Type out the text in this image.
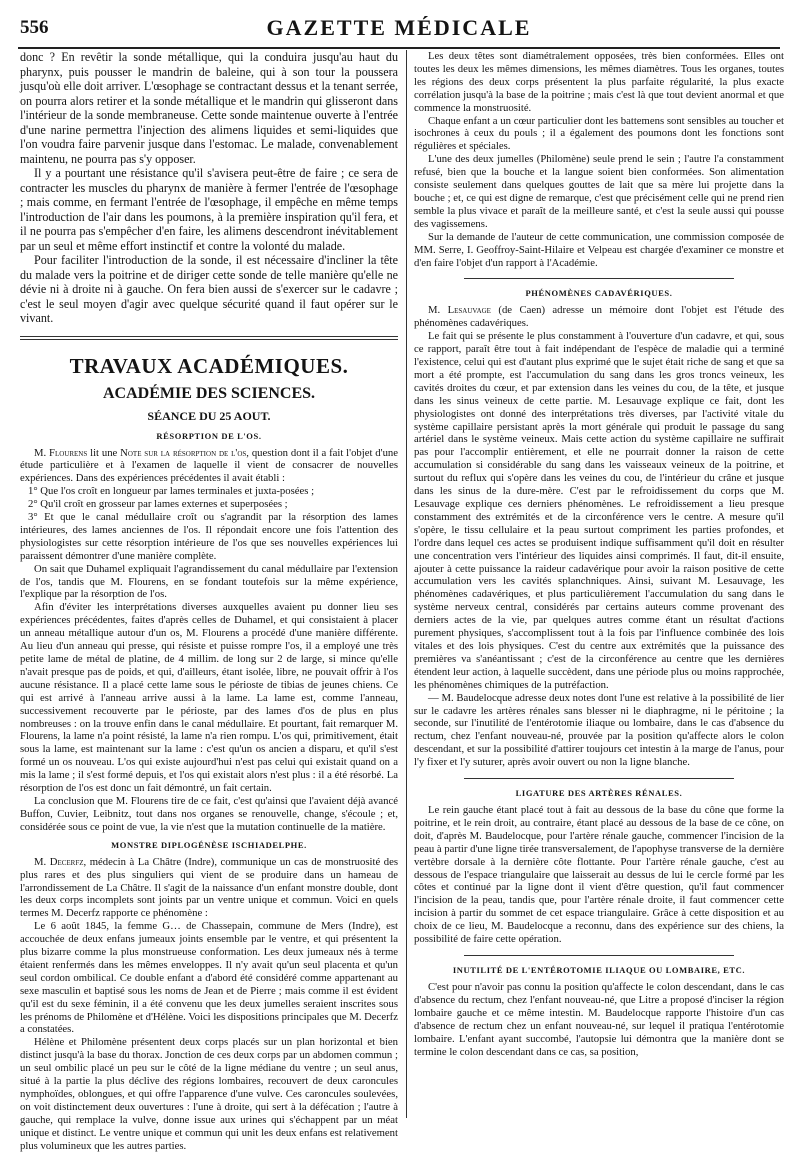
556	GAZETTE MÉDICALE

donc ? En revêtir la sonde métallique, qui la conduira jusqu'au haut du pharynx, puis pousser le mandrin de baleine, qui à son tour la poussera jusqu'où elle doit arriver. L'œsophage se contractant dessus et la tenant serrée, on pourra alors retirer et la sonde métallique et le mandrin qui glisseront dans l'intérieur de la sonde membraneuse. Cette sonde maintenue ouverte à l'entrée d'une narine permettra l'injection des alimens liquides et semi-liquides que l'on voudra faire parvenir jusque dans l'estomac. Le malade, convenablement maintenu, ne pourra pas s'y opposer.

Il y a pourtant une résistance qu'il s'avisera peut-être de faire ; ce sera de contracter les muscles du pharynx de manière à fermer l'entrée de l'œsophage ; mais comme, en fermant l'entrée de l'œsophage, il empêche en même temps l'introduction de l'air dans les poumons, à la première inspiration qu'il fera, et il ne pourra pas s'empêcher d'en faire, les alimens descendront inévitablement par un seul et même effort instinctif et contre la volonté du malade.

Pour faciliter l'introduction de la sonde, il est nécessaire d'incliner la tête du malade vers la poitrine et de diriger cette sonde de telle manière qu'elle ne dévie ni à droite ni à gauche. On fera bien aussi de s'exercer sur le cadavre ; c'est le seul moyen d'agir avec quelque sécurité quand il faut opérer sur le vivant.

TRAVAUX ACADÉMIQUES.
ACADÉMIE DES SCIENCES.
SÉANCE DU 25 AOUT.
RÉSORPTION DE L'OS.

M. Flourens lit une Note sur la résorption de l'os, question dont il a fait l'objet d'une étude particulière et à l'examen de laquelle il vient de consacrer de nouvelles expériences. Dans des expériences précédentes il avait établi :

1° Que l'os croît en longueur par lames terminales et juxta-posées ;

2° Qu'il croît en grosseur par lames externes et superposées ;

3° Et que le canal médullaire croît ou s'agrandit par la résorption des lames intérieures, des lames anciennes de l'os. Il répondait encore une fois l'attention des physiologistes sur cette résorption intérieure de l'os que ses nouvelles expériences lui paraissent démontrer d'une manière complète.

On sait que Duhamel expliquait l'agrandissement du canal médullaire par l'extension de l'os, tandis que M. Flourens, en se fondant toutefois sur la même expérience, l'explique par la résorption de l'os.

Afin d'éviter les interprétations diverses auxquelles avaient pu donner lieu ses expériences précédentes, faites d'après celles de Duhamel, et qui consistaient à placer un anneau métallique autour d'un os, M. Flourens a procédé d'une manière différente. Au lieu d'un anneau qui presse, qui résiste et puisse rompre l'os, il a employé une très petite lame de métal de platine, de 4 millim. de long sur 2 de large, si mince qu'elle n'avait presque pas de poids, et qui, d'ailleurs, étant isolée, libre, ne pouvait offrir à l'os aucune résistance. Il a placé cette lame sous le périoste de tibias de jeunes chiens. Ce qui est arrivé à l'anneau arrive aussi à la lame. La lame est, comme l'anneau, successivement recouverte par le périoste, par des lames d'os de plus en plus nombreuses : on la trouve enfin dans le canal médullaire. Et pourtant, fait remarquer M. Flourens, la lame n'a point résisté, la lame n'a rien rompu. L'os qui, primitivement, était sous la lame, est maintenant sur la lame : c'est qu'un os ancien a disparu, et qu'il s'est formé un os nouveau. L'os qui existe aujourd'hui n'est pas celui qui existait quand on a mis la lame ; il s'est formé depuis, et l'os qui existait alors n'est plus : il a été résorbé. La résorption de l'os est donc un fait démontré, un fait certain.

La conclusion que M. Flourens tire de ce fait, c'est qu'ainsi que l'avaient déjà avancé Buffon, Cuvier, Leibnitz, tout dans nos organes se renouvelle, change, s'écoule ; et, considérée sous ce point de vue, la vie n'est que la mutation continuelle de la matière.

MONSTRE DIPLOGÉNÈSE ISCHIADELPHE.

M. Decerfz, médecin à La Châtre (Indre), communique un cas de monstruosité des plus rares et des plus singuliers qui vient de se produire dans un hameau de l'arrondissement de La Châtre. Il s'agit de la naissance d'un enfant monstre double, dont les deux corps incomplets sont joints par un ventre unique et commun. Voici en quels termes M. Decerfz rapporte ce phénomène :

Le 6 août 1845, la femme G… de Chassepain, commune de Mers (Indre), est accouchée de deux enfans jumeaux joints ensemble par le ventre, et qui présentent la plus bizarre comme la plus monstrueuse conformation. Les deux jumeaux nés à terme étaient renfermés dans les mêmes enveloppes. Il n'y avait qu'un seul placenta et qu'un seul cordon ombilical. Ce double enfant a d'abord été considéré comme appartenant au sexe masculin et baptisé sous les noms de Jean et de Pierre ; mais comme il est évident qu'il est du sexe féminin, il a été convenu que les deux jumelles seraient inscrites sous les prénoms de Philomène et d'Hélène. Voici les dispositions principales que M. Decerfz a constatées.

Hélène et Philomène présentent deux corps placés sur un plan horizontal et bien distinct jusqu'à la base du thorax. Jonction de ces deux corps par un abdomen commun ; un seul ombilic placé un peu sur le côté de la ligne médiane du ventre ; un seul anus, situé à la partie la plus déclive des régions lombaires, recouvert de deux caroncules nymphoïdes, oblongues, et qui offre l'apparence d'une vulve. Ces caroncules soulevées, on voit distinctement deux ouvertures : l'une à droite, qui sert à la défécation ; l'autre à gauche, qui remplace la vulve, donne issue aux urines qui s'échappent par un méat unique et distinct. Le ventre unique et commun qui unit les deux enfans est relativement plus volumineux que les autres parties.

Les deux têtes sont diamétralement opposées, très bien conformées. Elles ont toutes les deux les mêmes dimensions, les mêmes diamètres. Tous les organes, toutes les régions des deux corps présentent la plus parfaite régularité, la plus exacte corrélation jusqu'à la base de la poitrine ; mais c'est là que tout devient anormal et que commence la monstruosité.

Chaque enfant a un cœur particulier dont les battemens sont sensibles au toucher et isochrones à ceux du pouls ; il a également des poumons dont les fonctions sont régulières et spéciales.

L'une des deux jumelles (Philomène) seule prend le sein ; l'autre l'a constamment refusé, bien que la bouche et la langue soient bien conformées. Son alimentation consiste seulement dans quelques gouttes de lait que sa mère lui projette dans la bouche ; et, ce qui est digne de remarque, c'est que précisément celle qui ne prend rien semble la plus vivace et paraît de la meilleure santé, et c'est la seule aussi qui pousse des vagissemens.

Sur la demande de l'auteur de cette communication, une commission composée de MM. Serre, I. Geoffroy-Saint-Hilaire et Velpeau est chargée d'examiner ce monstre et d'en faire l'objet d'un rapport à l'Académie.

PHÉNOMÈNES CADAVÉRIQUES.

M. Lesauvage (de Caen) adresse un mémoire dont l'objet est l'étude des phénomènes cadavériques.

Le fait qui se présente le plus constamment à l'ouverture d'un cadavre, et qui, sous ce rapport, paraît être tout à fait indépendant de l'espèce de maladie qui a terminé l'existence, celui qui est d'autant plus exprimé que le sujet était riche de sang et que sa mort a été prompte, est l'accumulation du sang dans les gros troncs veineux, les cavités droites du cœur, et par extension dans les veines du cou, de la tête, et jusque dans les sinus veineux de cette partie. M. Lesauvage explique ce fait, dont les physiologistes ont donné des interprétations très diverses, par l'activité vitale du système capillaire persistant après la mort générale qui produit le passage du sang artériel dans le système veineux. Mais cette action du système capillaire ne suffirait pas pour l'accomplir entièrement, et elle ne pourrait donner la raison de cette accumulation si considérable du sang dans les vaisseaux veineux de la poitrine, et surtout du reflux qui s'opère dans les veines du cou, de l'intérieur du crâne et jusque dans les sinus de la dure-mère. C'est par le refroidissement du corps que M. Lesauvage explique ces derniers phénomènes. Le refroidissement a lieu presque constamment des extrémités et de la circonférence vers le centre. A mesure qu'il s'opère, le tissu cellulaire et la peau surtout compriment les parties profondes, et l'ordre dans lequel ces actes se produisent indique suffisamment qu'il doit en résulter une concentration vers l'intérieur des liquides ainsi comprimés. Il faut, dit-il ensuite, ajouter à cette puissance la raideur cadavérique pour avoir la raison positive de cette accumulation vers les cavités splanchniques. Ainsi, suivant M. Lesauvage, les phénomènes cadavériques, et plus particulièrement l'accumulation du sang dans le système nerveux central, considérés par certains auteurs comme provenant des derniers actes de la vie, par quelques autres comme étant un résultat d'actions purement physiques, s'accomplissent tout à la fois par l'influence combinée des lois vitales et des lois physiques. C'est du centre aux extrémités que la puissance des premières va s'anéantissant ; c'est de la circonférence au centre que les dernières étendent leur action, à laquelle succèdent, dans une période plus ou moins rapprochée, les phénomènes chimiques de la putréfaction.

— M. Baudelocque adresse deux notes dont l'une est relative à la possibilité de lier sur le cadavre les artères rénales sans blesser ni le diaphragme, ni le péritoine ; la seconde, sur l'inutilité de l'entérotomie iliaque ou lombaire, dans le cas d'absence du rectum, chez l'enfant nouveau-né, prouvée par la position qu'affecte alors le colon descendant, et sur la possibilité d'attirer toujours cet intestin à la marge de l'anus, pour l'y fixer et l'y suturer, après avoir ouvert ou non la ligne blanche.

LIGATURE DES ARTÈRES RÉNALES.

Le rein gauche étant placé tout à fait au dessous de la base du cône que forme la poitrine, et le rein droit, au contraire, étant placé au dessous de la base de ce cône, on doit, d'après M. Baudelocque, pour l'artère rénale gauche, commencer l'incision de la peau à partir d'une ligne tirée transversalement, de l'apophyse transverse de la dernière vertèbre dorsale à la dernière côte flottante. Pour l'artère rénale gauche, c'est au dessous de l'espace triangulaire que laisserait au dessus de lui le cercle formé par les côtes et continué par la ligne dont il vient d'être question, qu'il faut commencer l'incision de la peau, tandis que, pour l'artère rénale droite, il faut commencer cette incision à partir du sommet de cet espace triangulaire. Grâce à cette disposition et au choix de ce lieu, M. Baudelocque a reconnu, dans des expérience sur des chiens, la possibilité de faire cette opération.

INUTILITÉ DE L'ENTÉROTOMIE ILIAQUE OU LOMBAIRE, ETC.

C'est pour n'avoir pas connu la position qu'affecte le colon descendant, dans le cas d'absence du rectum, chez l'enfant nouveau-né, que Litre a proposé d'inciser la région lombaire gauche et ce même intestin. M. Baudelocque rapporte l'histoire d'un cas d'absence de rectum chez un enfant nouveau-né, sur lequel il pratiqua l'entérotomie lombaire. L'enfant ayant succombé, l'autopsie lui démontra que la manière dont se termine le colon descendant dans ce cas, sa position,
